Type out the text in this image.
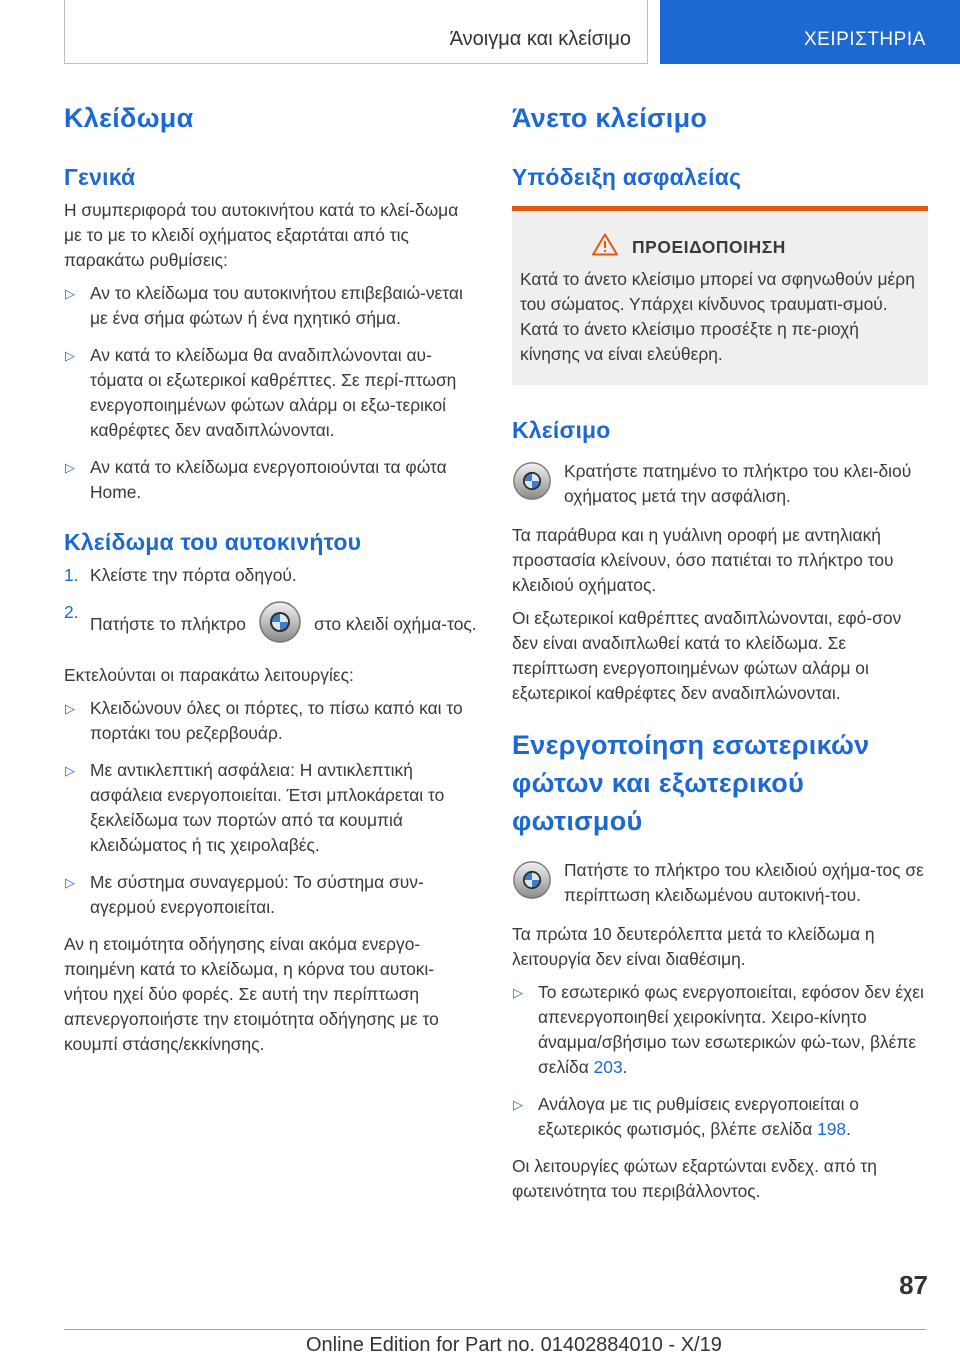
Άνοιγμα και κλείσιμο	ΧΕΙΡΙΣΤΗΡΙΑ
Κλείδωμα
Γενικά

Η συμπεριφορά του αυτοκινήτου κατά το κλεί-δωμα με το με το κλειδί οχήματος εξαρτάται από τις παρακάτω ρυθμίσεις:

▷ Αν το κλείδωμα του αυτοκινήτου επιβεβαιώ-νεται με ένα σήμα φώτων ή ένα ηχητικό σήμα.

▷ Αν κατά το κλείδωμα θα αναδιπλώνονται αυ-τόματα οι εξωτερικοί καθρέπτες. Σε περί-πτωση ενεργοποιημένων φώτων αλάρμ οι εξω-τερικοί καθρέφτες δεν αναδιπλώνονται.

▷ Αν κατά το κλείδωμα ενεργοποιούνται τα φώτα Home.

Κλείδωμα του αυτοκινήτου
1. Κλείστε την πόρτα οδηγού.

2.

Πατήστε το πλήκτρο	στο κλειδί οχήμα-τος.

Εκτελούνται οι παρακάτω λειτουργίες:

▷ Κλειδώνουν όλες οι πόρτες, το πίσω καπό και το πορτάκι του ρεζερβουάρ.

▷ Με αντικλεπτική ασφάλεια: Η αντικλεπτική ασφάλεια ενεργοποιείται. Έτσι μπλοκάρεται το ξεκλείδωμα των πορτών από τα κουμπιά κλειδώματος ή τις χειρολαβές.

▷ Με σύστημα συναγερμού: Το σύστημα συν-αγερμού ενεργοποιείται.

Αν η ετοιμότητα οδήγησης είναι ακόμα ενεργο-ποιημένη κατά το κλείδωμα, η κόρνα του αυτοκι-νήτου ηχεί δύο φορές. Σε αυτή την περίπτωση απενεργοποιήστε την ετοιμότητα οδήγησης με το κουμπί στάσης/εκκίνησης.

Άνετο κλείσιμο
Υπόδειξη ασφαλείας
ΠΡΟΕΙΔΟΠΟΙΗΣΗ

Κατά το άνετο κλείσιμο μπορεί να σφηνωθούν μέρη του σώματος. Υπάρχει κίνδυνος τραυματι-σμού. Κατά το άνετο κλείσιμο προσέξτε η πε-ριοχή κίνησης να είναι ελεύθερη.

Κλείσιμο

Κρατήστε πατημένο το πλήκτρο του κλει-διού οχήματος μετά την ασφάλιση.

Τα παράθυρα και η γυάλινη οροφή με αντηλιακή προστασία κλείνουν, όσο πατιέται το πλήκτρο του κλειδιού οχήματος.

Οι εξωτερικοί καθρέπτες αναδιπλώνονται, εφό-σον δεν είναι αναδιπλωθεί κατά το κλείδωμα. Σε περίπτωση ενεργοποιημένων φώτων αλάρμ οι εξωτερικοί καθρέφτες δεν αναδιπλώνονται.

Ενεργοποίηση εσωτερικών φώτων και εξωτερικού φωτισμού

Πατήστε το πλήκτρο του κλειδιού οχήμα-τος σε περίπτωση κλειδωμένου αυτοκινή-του.

Τα πρώτα 10 δευτερόλεπτα μετά το κλείδωμα η λειτουργία δεν είναι διαθέσιμη.

▷ Το εσωτερικό φως ενεργοποιείται, εφόσον δεν έχει απενεργοποιηθεί χειροκίνητα. Χειρο-κίνητο άναμμα/σβήσιμο των εσωτερικών φώ-των, βλέπε σελίδα 203.

▷ Ανάλογα με τις ρυθμίσεις ενεργοποιείται ο εξωτερικός φωτισμός, βλέπε σελίδα 198.

Οι λειτουργίες φώτων εξαρτώνται ενδεχ. από τη φωτεινότητα του περιβάλλοντος.

87
Online Edition for Part no. 01402884010 - X/19
